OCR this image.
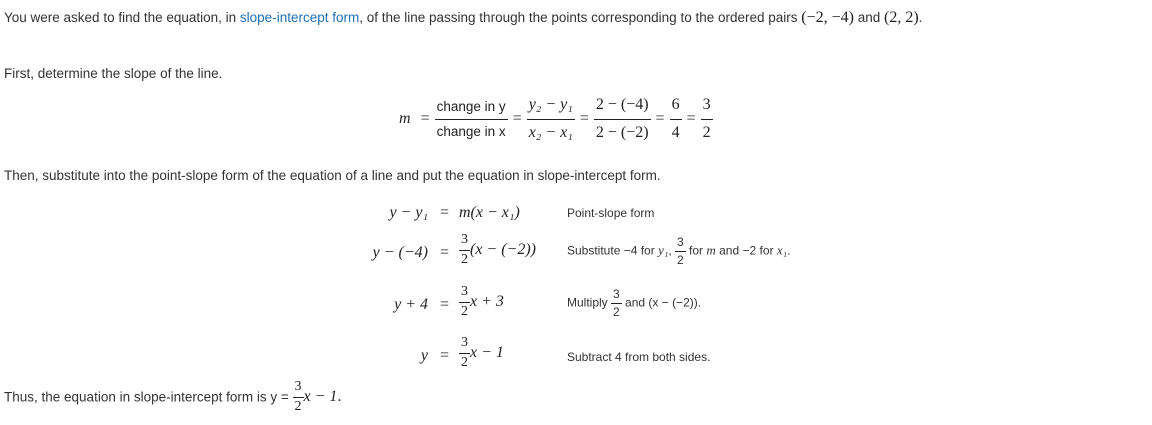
You were asked to find the equation, in slope-intercept form, of the line passing through the points corresponding to the ordered pairs (−2, −4) and (2, 2).

First, determine the slope of the line.

$m = \frac{\text{change in y}}{\text{change in x}} = \frac{\text{y₂ − y₁}}{\text{x₂ − x₁}} = \frac{2 - (-4)}{2 - (-2)} = \frac{6}{4} = \frac{3}{2}$

Then, substitute into the point-slope form of the equation of a line and put the equation in slope-intercept form.

y − y₁ = m(x − x₁)	Point-slope form
$y - (-4) = \frac{3}{2} (x - (-2))$	Substitute −4 for y₁, $\frac{3}{2}$ for m and −2 for x₁.
$y + 4 = \frac{3}{2}$ x + 3	Multiply $\frac{3}{2}$ and (x − (−2)).
$y = \frac{3}{2}$ x − 1	Subtract 4 from both sides.
Thus, the equation in slope-intercept form is $y = \frac{3}{2}$ x − 1.
